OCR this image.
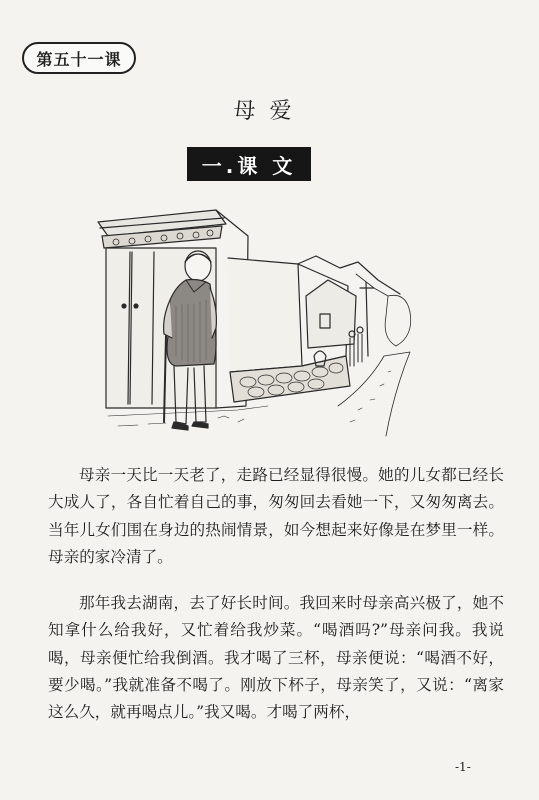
第五十一课
母爱
一.课 文

母亲一天比一天老了，走路已经显得很慢。她的儿女都已经长大成人了，各自忙着自己的事，匆匆回去看她一下，又匆匆离去。当年儿女们围在身边的热闹情景，如今想起来好像是在梦里一样。母亲的家冷清了。

那年我去湖南，去了好长时间。我回来时母亲高兴极了，她不知拿什么给我好，又忙着给我炒菜。“喝酒吗?”母亲问我。我说喝，母亲便忙给我倒酒。我才喝了三杯，母亲便说：“喝酒不好，要少喝。”我就准备不喝了。刚放下杯子，母亲笑了，又说：“离家这么久，就再喝点儿。”我又喝。才喝了两杯，

-1-
